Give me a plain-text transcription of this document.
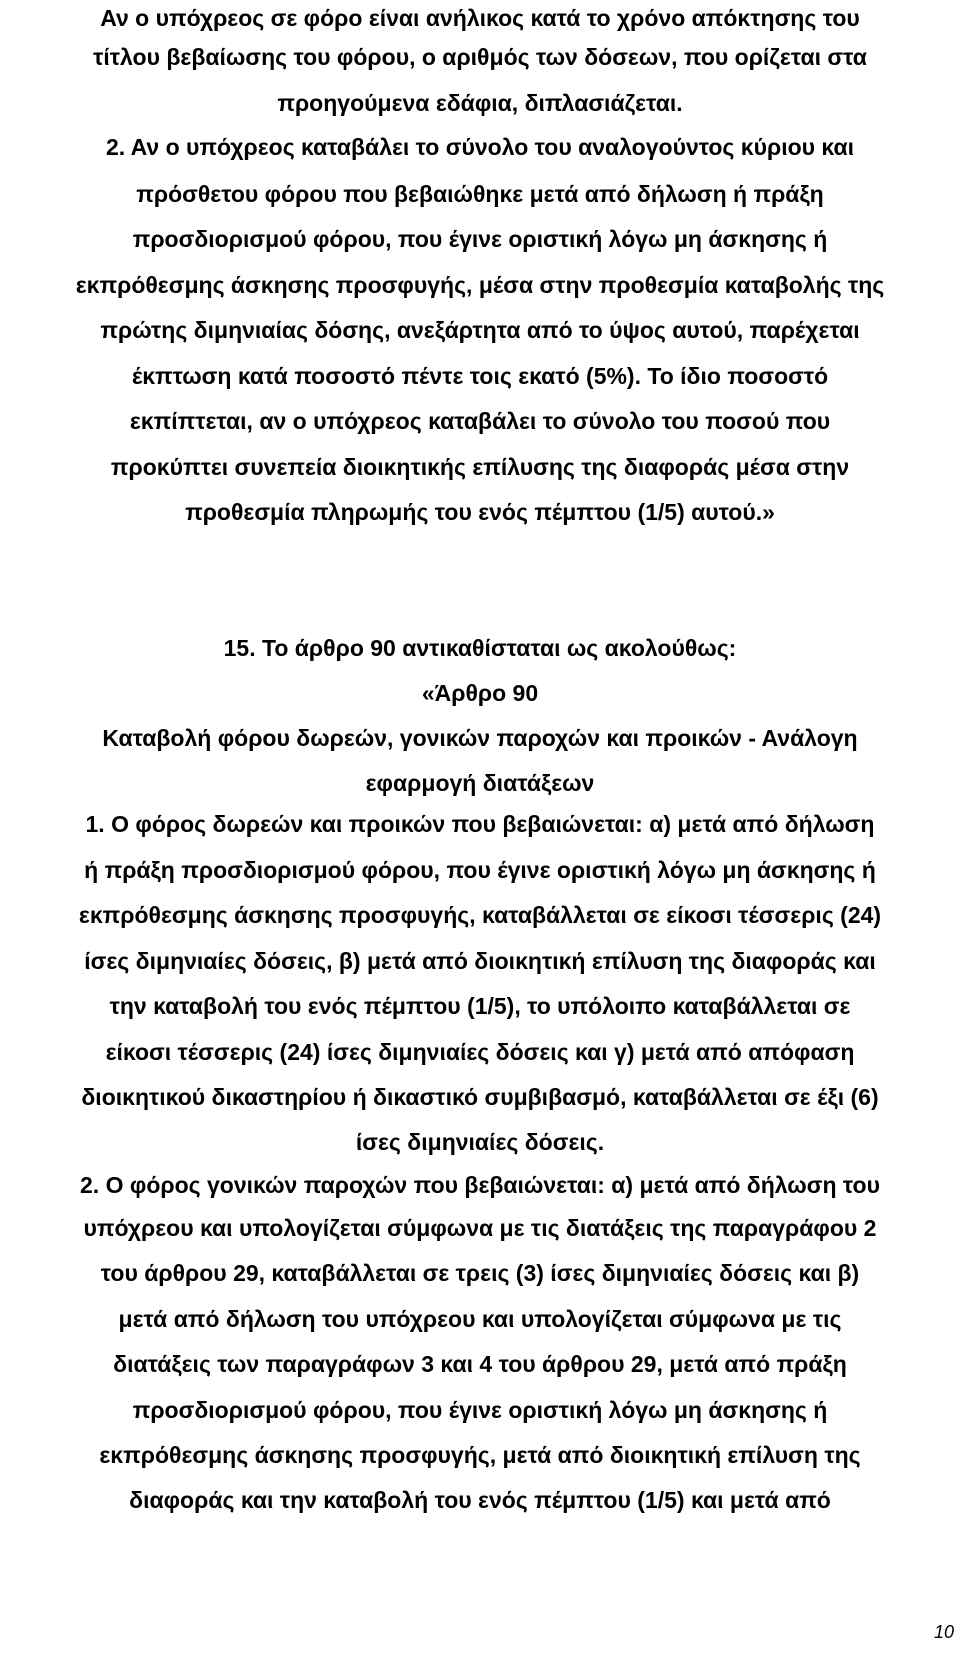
Αν ο υπόχρεος σε φόρο είναι ανήλικος κατά το χρόνο απόκτησης του
τίτλου βεβαίωσης του φόρου, ο αριθμός των δόσεων, που ορίζεται στα
προηγούμενα εδάφια, διπλασιάζεται.
2. Αν ο υπόχρεος καταβάλει το σύνολο του αναλογούντος κύριου και
πρόσθετου φόρου που βεβαιώθηκε μετά από δήλωση ή πράξη
προσδιορισμού φόρου, που έγινε οριστική λόγω μη άσκησης ή
εκπρόθεσμης άσκησης προσφυγής, μέσα στην προθεσμία καταβολής της
πρώτης διμηνιαίας δόσης, ανεξάρτητα από το ύψος αυτού, παρέχεται
έκπτωση κατά ποσοστό πέντε τοις εκατό (5%). Το ίδιο ποσοστό
εκπίπτεται, αν ο υπόχρεος καταβάλει το σύνολο του ποσού που
προκύπτει συνεπεία διοικητικής επίλυσης της διαφοράς μέσα στην
προθεσμία πληρωμής του ενός πέμπτου (1/5) αυτού.»
15. Το άρθρο 90 αντικαθίσταται ως ακολούθως:
«Άρθρο 90
Καταβολή φόρου δωρεών, γονικών παροχών και προικών - Ανάλογη
εφαρμογή διατάξεων
1. Ο φόρος δωρεών και προικών που βεβαιώνεται: α) μετά από δήλωση
ή πράξη προσδιορισμού φόρου, που έγινε οριστική λόγω μη άσκησης ή
εκπρόθεσμης άσκησης προσφυγής, καταβάλλεται σε είκοσι τέσσερις (24)
ίσες διμηνιαίες δόσεις, β) μετά από διοικητική επίλυση της διαφοράς και
την καταβολή του ενός πέμπτου (1/5), το υπόλοιπο καταβάλλεται σε
είκοσι τέσσερις (24) ίσες διμηνιαίες δόσεις και γ) μετά από απόφαση
διοικητικού δικαστηρίου ή δικαστικό συμβιβασμό, καταβάλλεται σε έξι (6)
ίσες διμηνιαίες δόσεις.
2. Ο φόρος γονικών παροχών που βεβαιώνεται: α) μετά από δήλωση του
υπόχρεου και υπολογίζεται σύμφωνα με τις διατάξεις της παραγράφου 2
του άρθρου 29, καταβάλλεται σε τρεις (3) ίσες διμηνιαίες δόσεις και β)
μετά από δήλωση του υπόχρεου και υπολογίζεται σύμφωνα με τις
διατάξεις των παραγράφων 3 και 4 του άρθρου 29, μετά από πράξη
προσδιορισμού φόρου, που έγινε οριστική λόγω μη άσκησης ή
εκπρόθεσμης άσκησης προσφυγής, μετά από διοικητική επίλυση της
διαφοράς και την καταβολή του ενός πέμπτου (1/5) και μετά από
10
